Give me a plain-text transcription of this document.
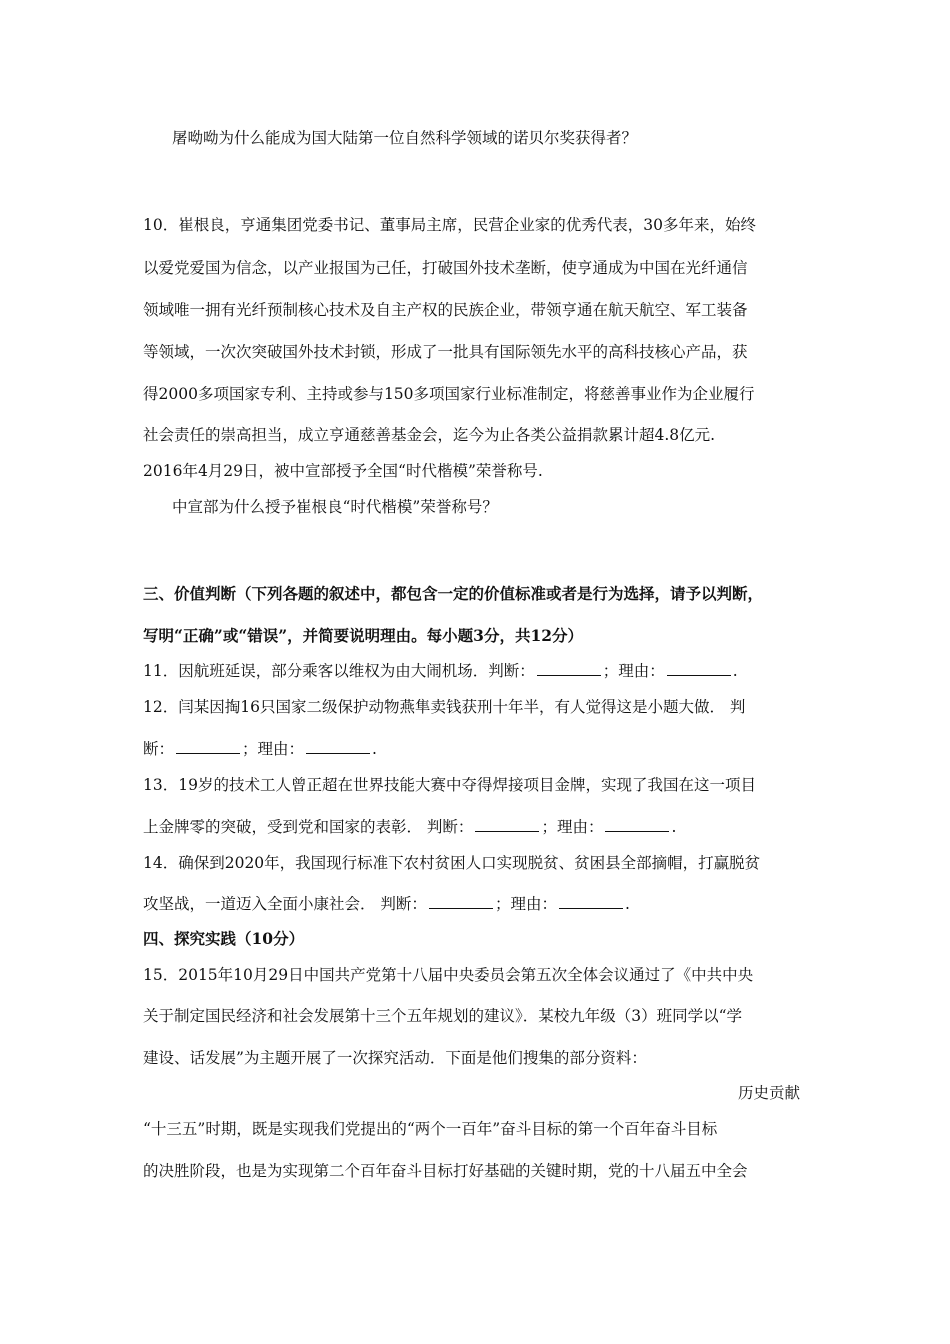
屠呦呦为什么能成为国大陆第一位自然科学领域的诺贝尔奖获得者？
10．崔根良，亨通集团党委书记、董事局主席，民营企业家的优秀代表，30多年来，始终
以爱党爱国为信念，以产业报国为己任，打破国外技术垄断，使亨通成为中国在光纤通信
领域唯一拥有光纤预制核心技术及自主产权的民族企业，带领亨通在航天航空、军工装备
等领域，一次次突破国外技术封锁，形成了一批具有国际领先水平的高科技核心产品，获
得2000多项国家专利、主持或参与150多项国家行业标准制定，将慈善事业作为企业履行
社会责任的崇高担当，成立亨通慈善基金会，迄今为止各类公益捐款累计超4.8亿元.
2016年4月29日，被中宣部授予全国“时代楷模”荣誉称号.
中宣部为什么授予崔根良“时代楷模”荣誉称号？
三、价值判断（下列各题的叙述中，都包含一定的价值标准或者是行为选择，请予以判断，
写明“正确”或“错误”，并简要说明理由。每小题3分，共12分）
11．因航班延误，部分乘客以维权为由大闹机场．判断：	；理由：	.
12．闫某因掏16只国家二级保护动物燕隼卖钱获刑十年半，有人觉得这是小题大做． 判
断：	；理由：	.
13．19岁的技术工人曾正超在世界技能大赛中夺得焊接项目金牌，实现了我国在这一项目
上金牌零的突破，受到党和国家的表彰． 判断：	；理由：	.
14．确保到2020年，我国现行标准下农村贫困人口实现脱贫、贫困县全部摘帽，打赢脱贫
攻坚战，一道迈入全面小康社会． 判断：	；理由：	.
四、探究实践（10分）
15．2015年10月29日中国共产党第十八届中央委员会第五次全体会议通过了《中共中央
关于制定国民经济和社会发展第十三个五年规划的建议》．某校九年级（3）班同学以“学
建设、话发展”为主题开展了一次探究活动．下面是他们搜集的部分资料：
历史贡献
“十三五”时期，既是实现我们党提出的“两个一百年”奋斗目标的第一个百年奋斗目标
的决胜阶段，也是为实现第二个百年奋斗目标打好基础的关键时期，党的十八届五中全会
